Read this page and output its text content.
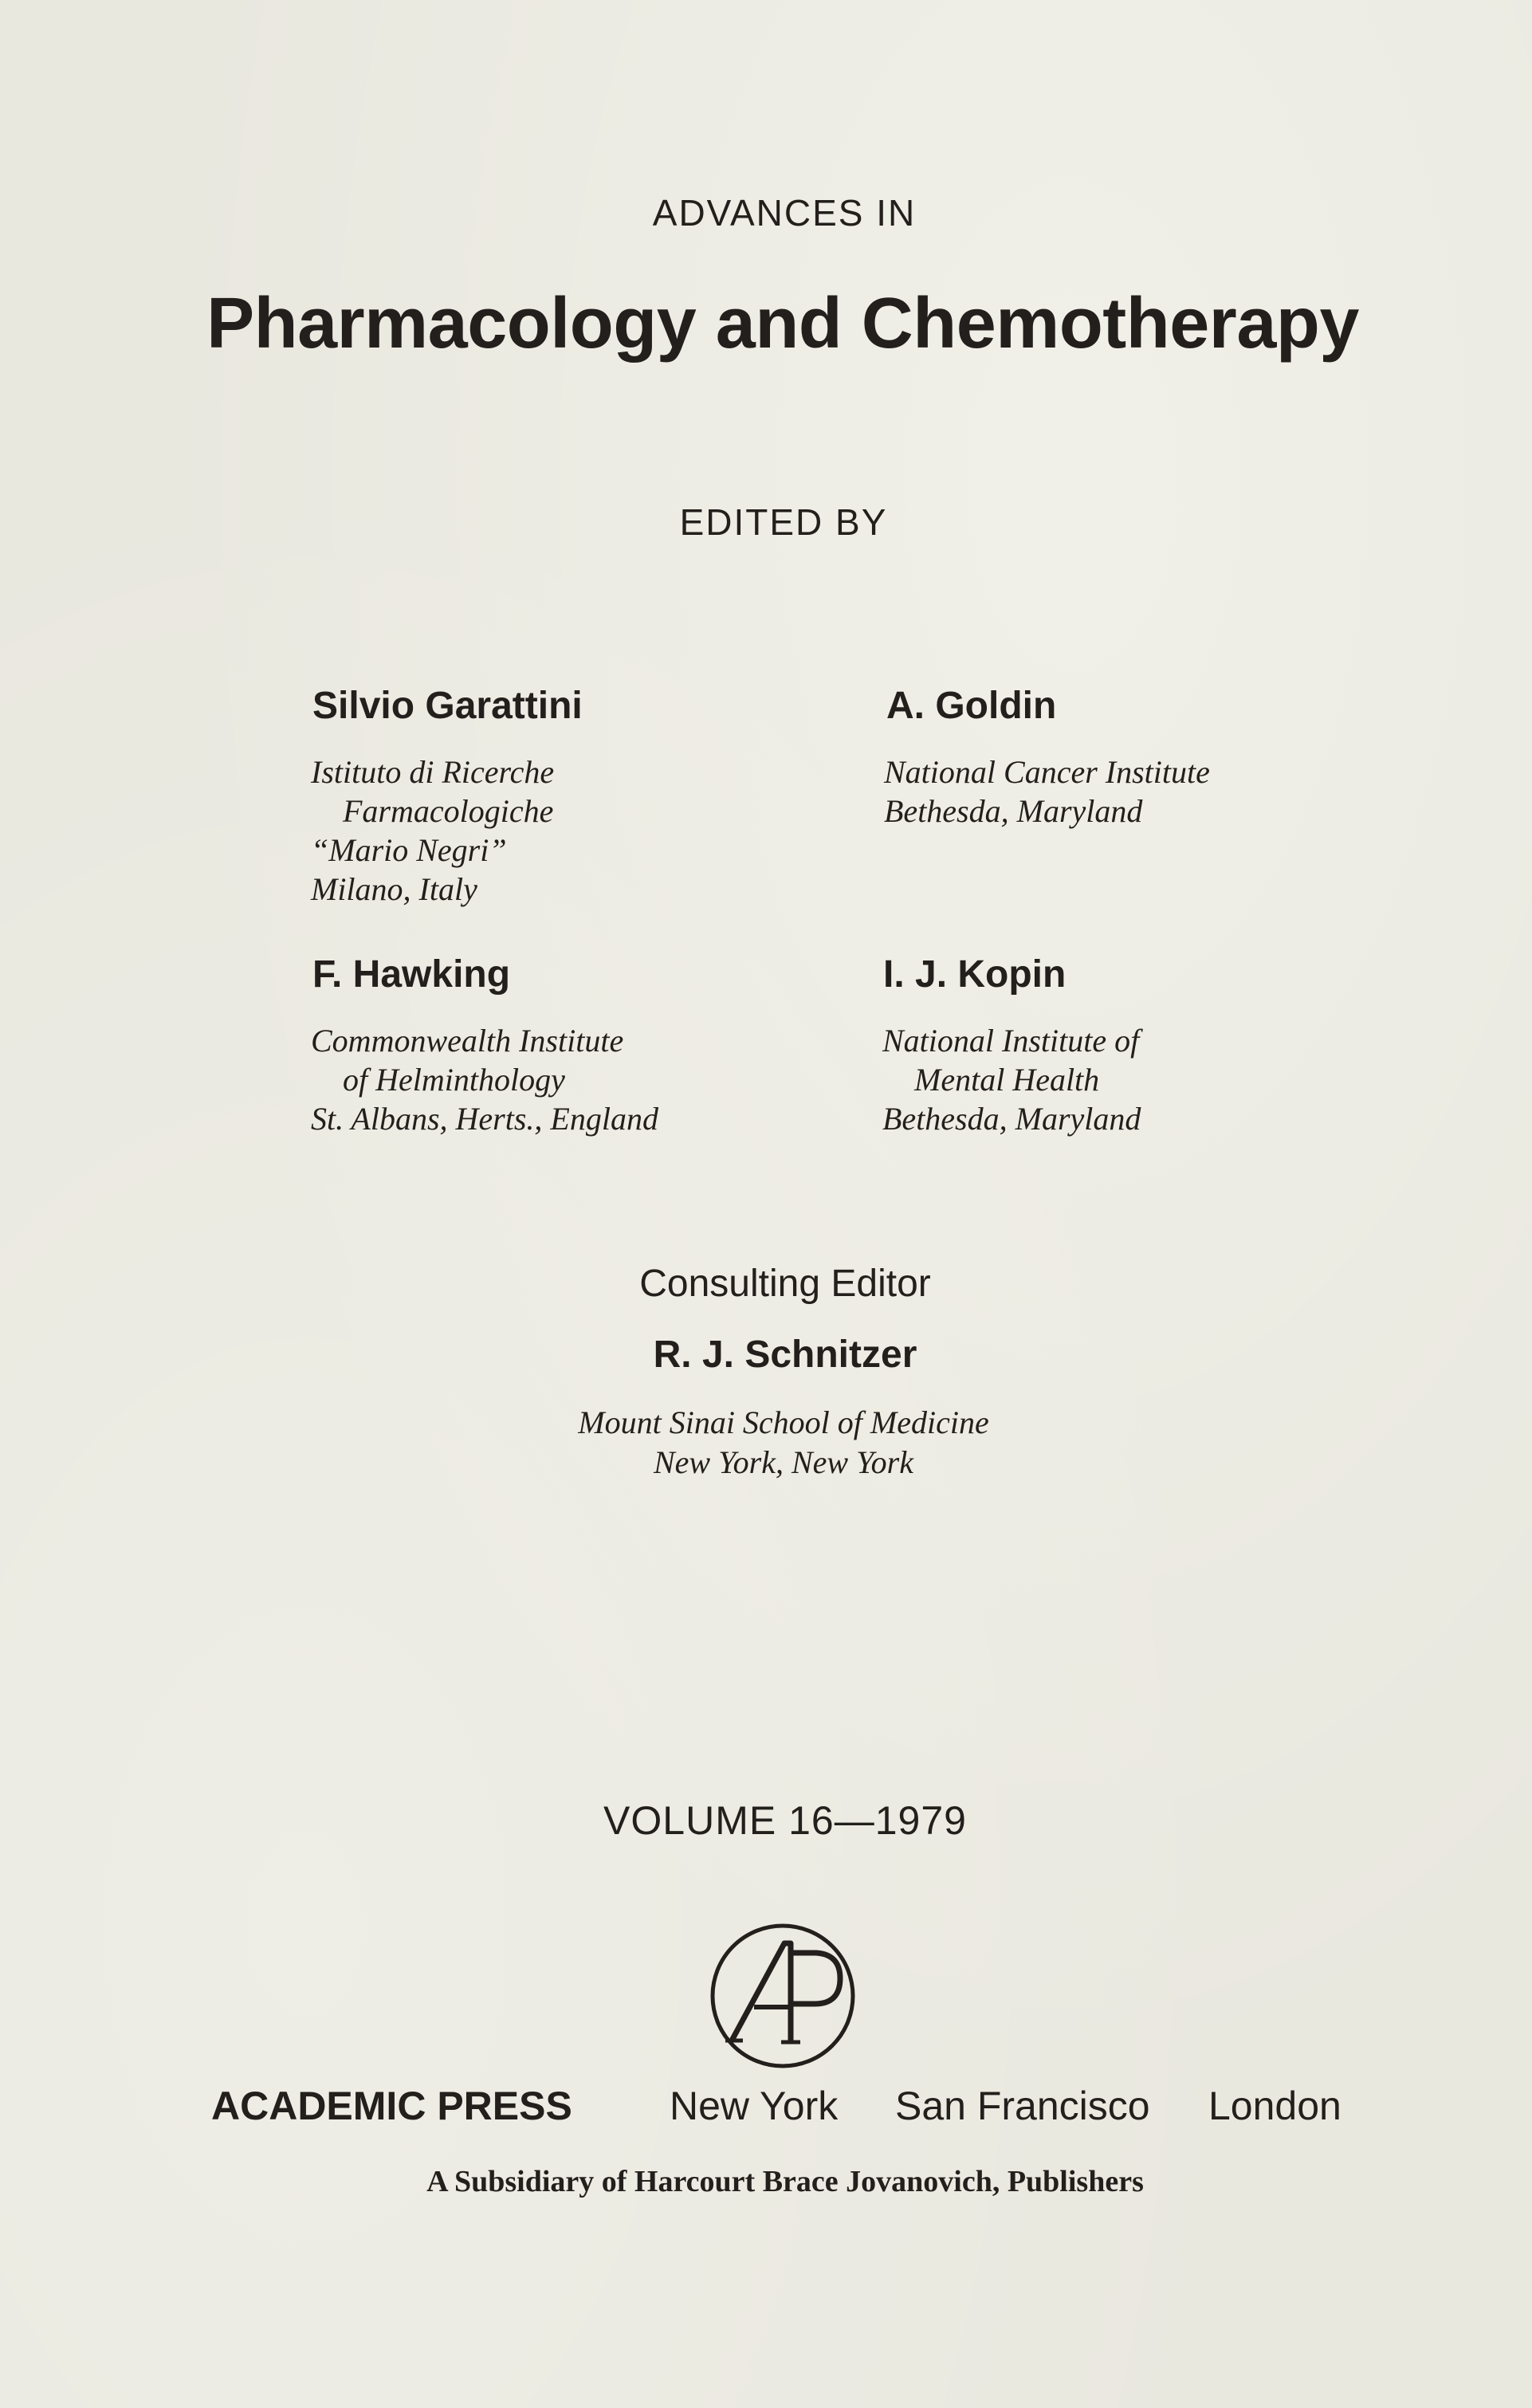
ADVANCES IN
Pharmacology and Chemotherapy
EDITED BY
Silvio Garattini
Istituto di Ricerche
Farmacologiche
“Mario Negri”
Milano, Italy
A. Goldin
National Cancer Institute
Bethesda, Maryland
F. Hawking
Commonwealth Institute
of Helminthology
St. Albans, Herts., England
I. J. Kopin
National Institute of
Mental Health
Bethesda, Maryland
Consulting Editor
R. J. Schnitzer
Mount Sinai School of Medicine
New York, New York
VOLUME 16—1979
ACADEMIC PRESS New York San Francisco London
A Subsidiary of Harcourt Brace Jovanovich, Publishers
